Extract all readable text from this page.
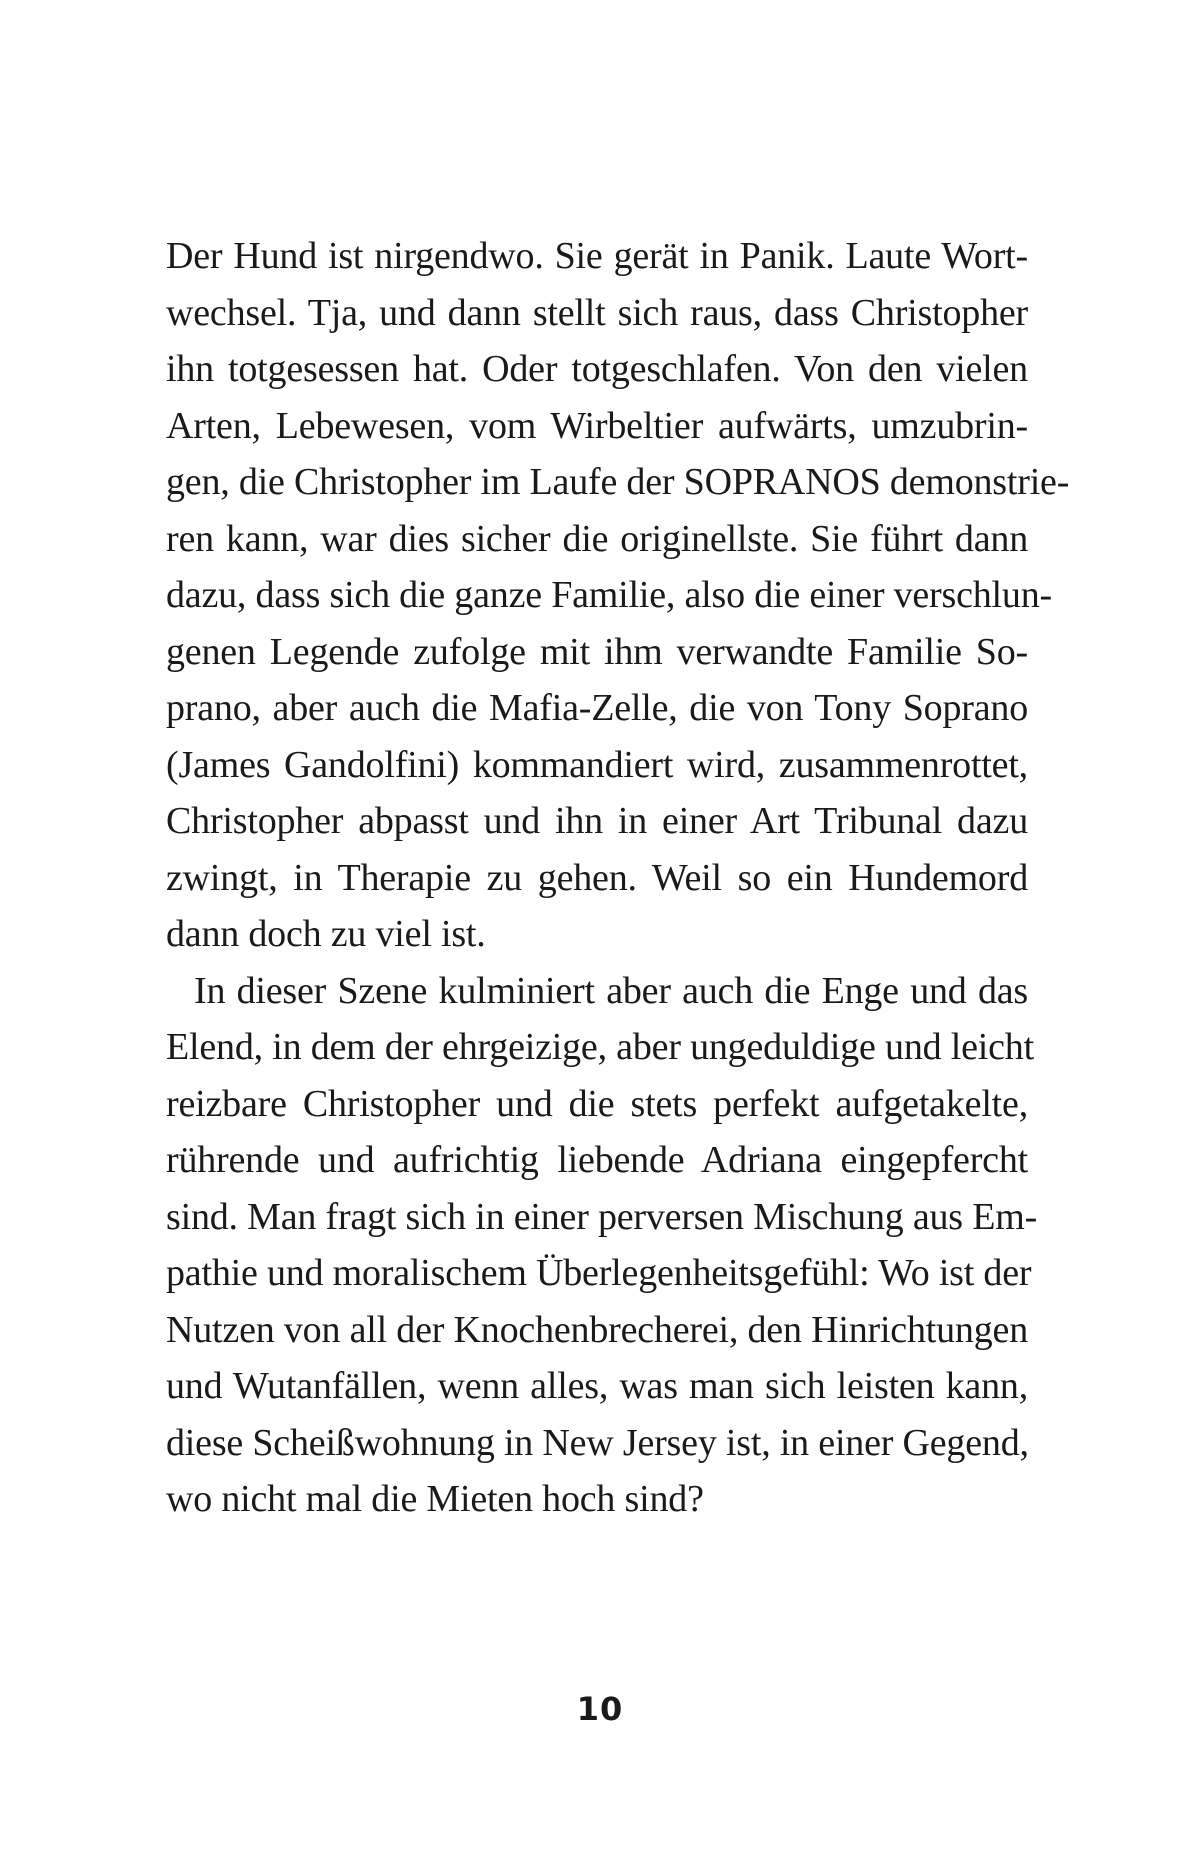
Der Hund ist nirgendwo. Sie gerät in Panik. Laute Wort-
wechsel. Tja, und dann stellt sich raus, dass Christopher
ihn totgesessen hat. Oder totgeschlafen. Von den vielen
Arten, Lebewesen, vom Wirbeltier aufwärts, umzubrin-
gen, die Christopher im Laufe der SOPRANOS demonstrie-
ren kann, war dies sicher die originellste. Sie führt dann
dazu, dass sich die ganze Familie, also die einer verschlun-
genen Legende zufolge mit ihm verwandte Familie So-
prano, aber auch die Mafia-Zelle, die von Tony Soprano
(James Gandolfini) kommandiert wird, zusammenrottet,
Christopher abpasst und ihn in einer Art Tribunal dazu
zwingt, in Therapie zu gehen. Weil so ein Hundemord
dann doch zu viel ist.
In dieser Szene kulminiert aber auch die Enge und das
Elend, in dem der ehrgeizige, aber ungeduldige und leicht
reizbare Christopher und die stets perfekt aufgetakelte,
rührende und aufrichtig liebende Adriana eingepfercht
sind. Man fragt sich in einer perversen Mischung aus Em-
pathie und moralischem Überlegenheitsgefühl: Wo ist der
Nutzen von all der Knochenbrecherei, den Hinrichtungen
und Wutanfällen, wenn alles, was man sich leisten kann,
diese Scheißwohnung in New Jersey ist, in einer Gegend,
wo nicht mal die Mieten hoch sind?
10
